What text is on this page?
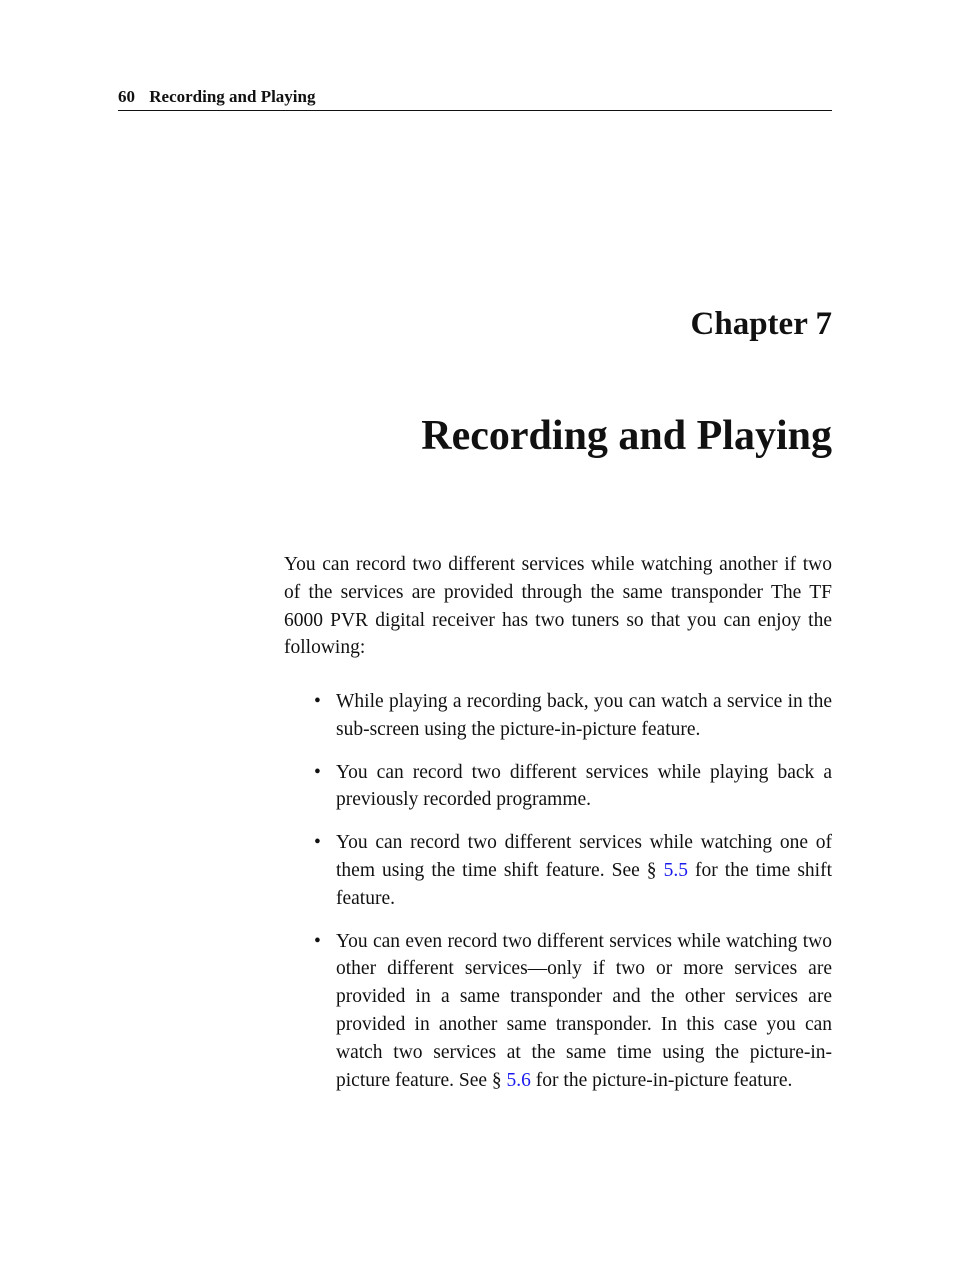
60 Recording and Playing
Chapter 7
Recording and Playing

You can record two different services while watching another if two of the services are provided through the same transponder The TF 6000 PVR digital receiver has two tuners so that you can enjoy the following:

• While playing a recording back, you can watch a service in the sub-screen using the picture-in-picture feature.
• You can record two different services while playing back a previously recorded programme.
• You can record two different services while watching one of them using the time shift feature. See § 5.5 for the time shift feature.
• You can even record two different services while watching two other different services—only if two or more services are provided in a same transponder and the other services are provided in another same transponder. In this case you can watch two services at the same time using the picture-in-picture feature. See § 5.6 for the picture-in-picture feature.
